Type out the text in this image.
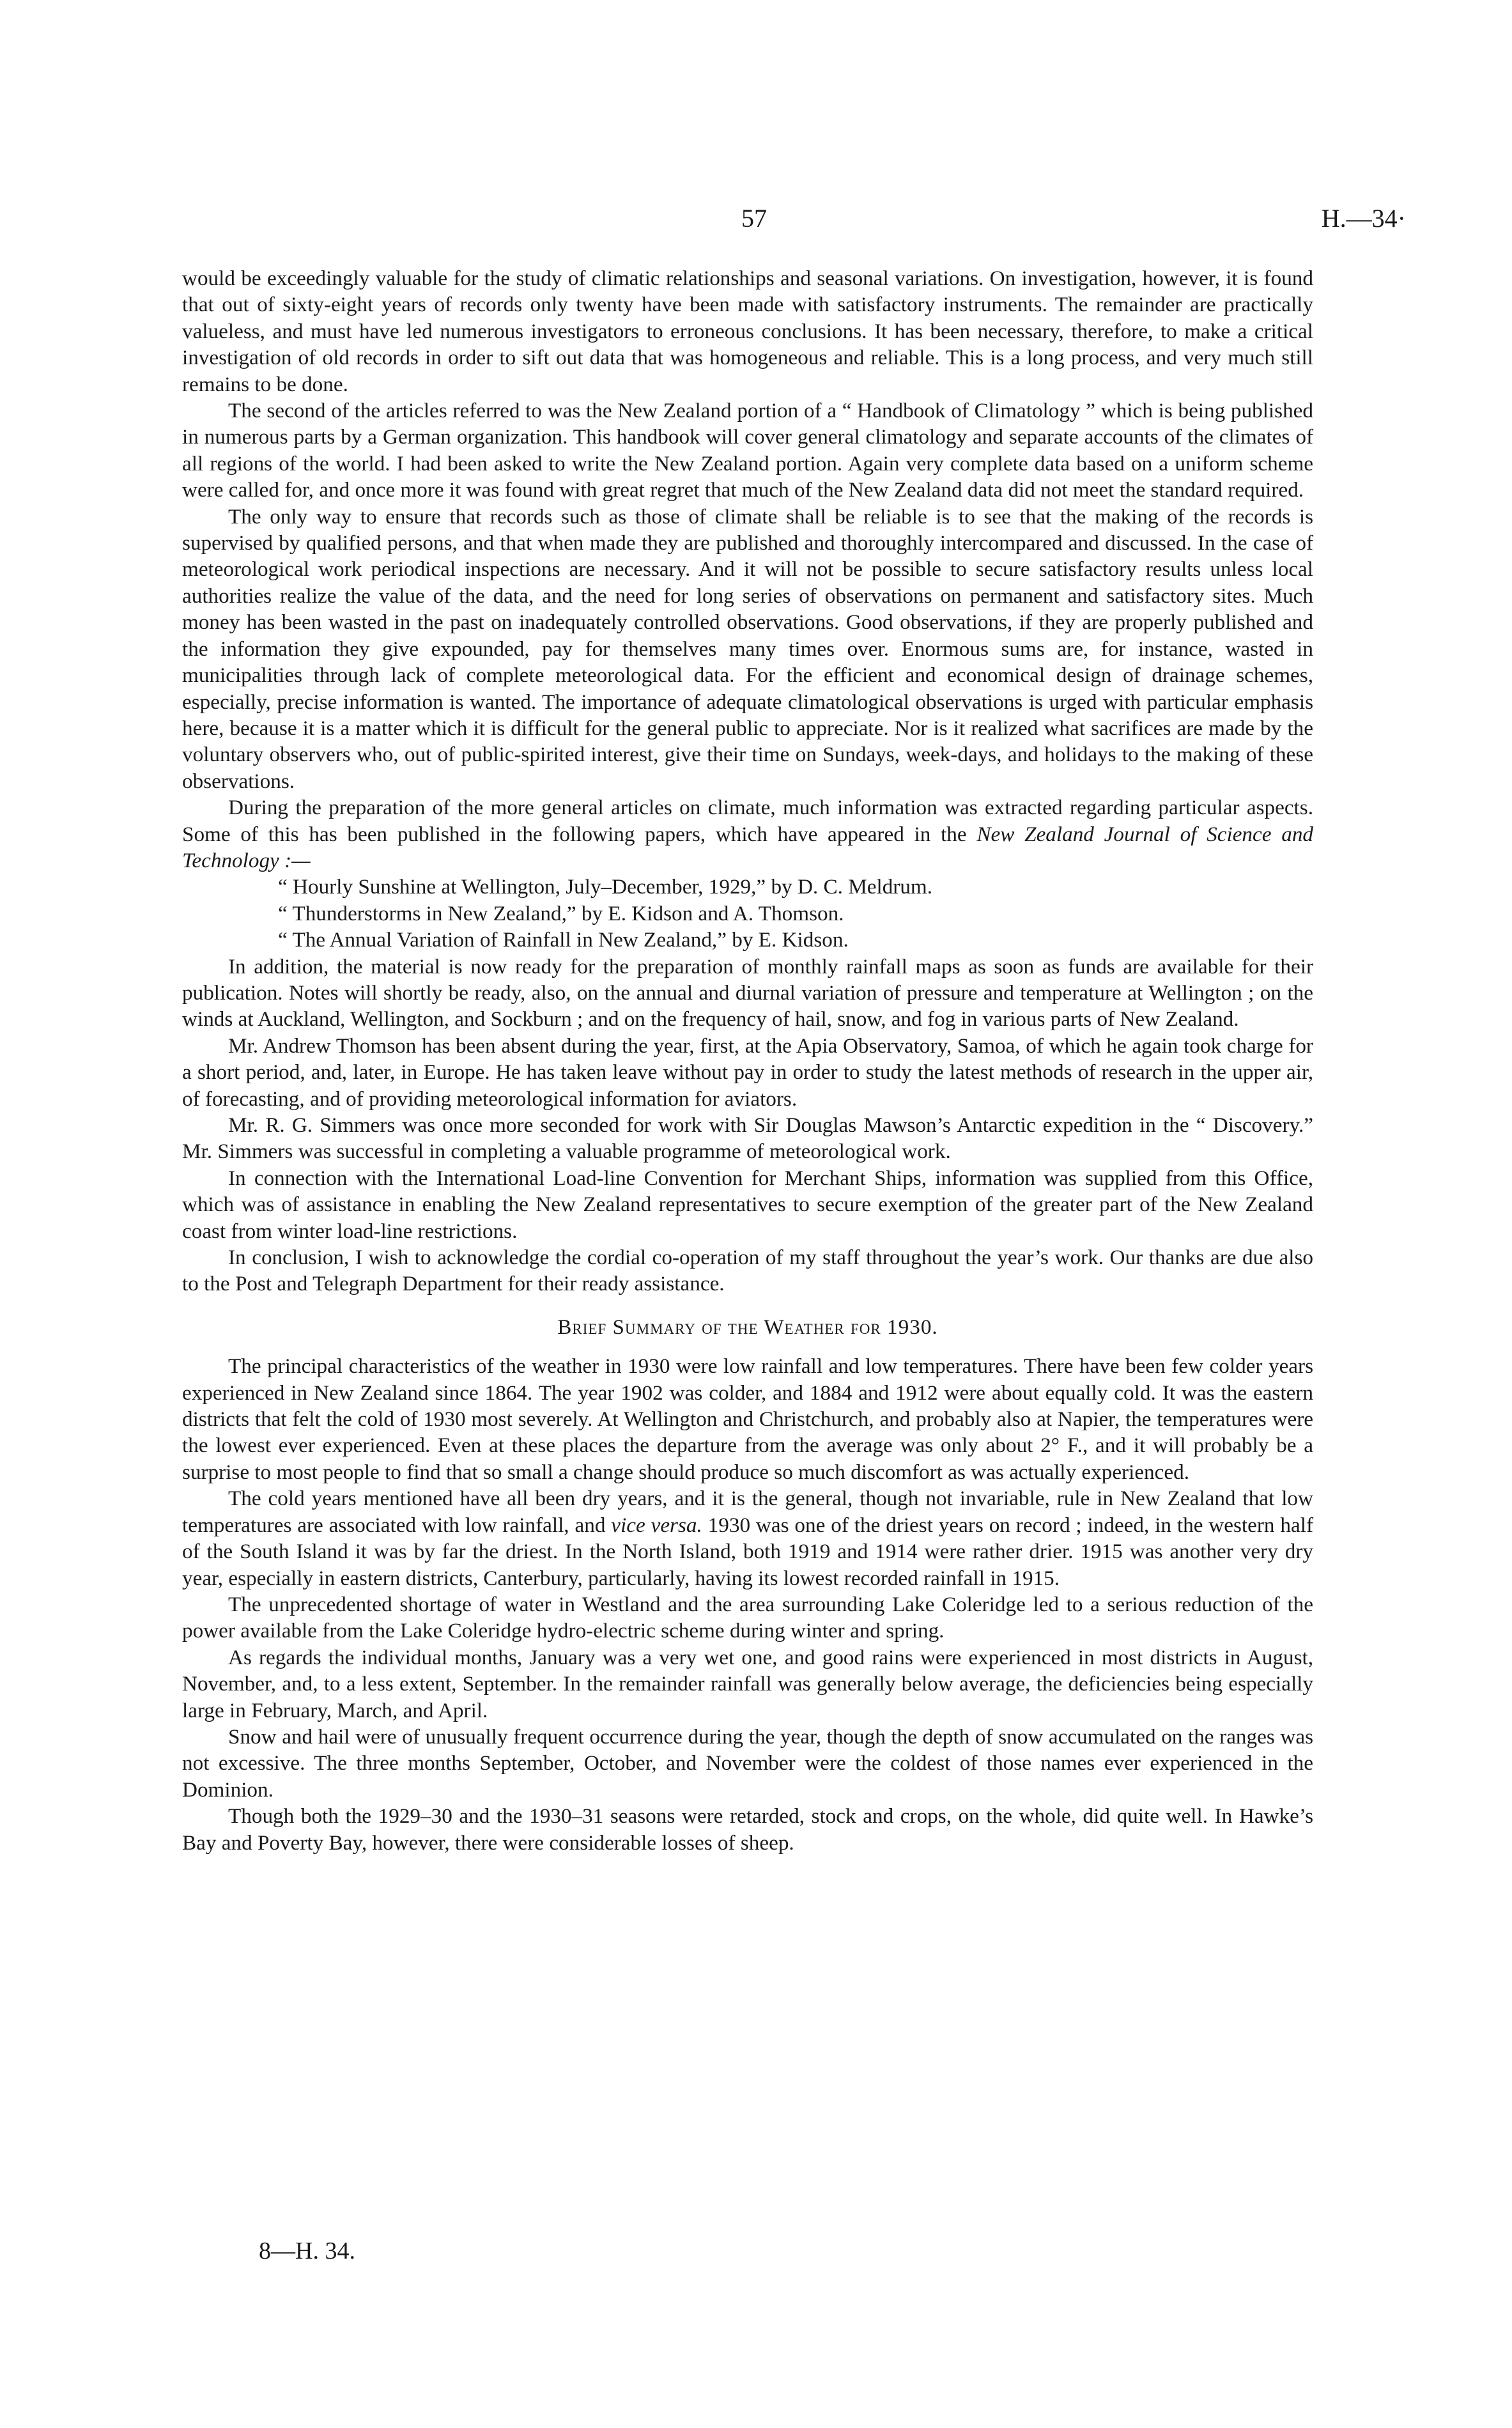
57	H.—34·

would be exceedingly valuable for the study of climatic relationships and seasonal variations. On investigation, however, it is found that out of sixty-eight years of records only twenty have been made with satisfactory instruments. The remainder are practically valueless, and must have led numerous investigators to erroneous conclusions. It has been necessary, therefore, to make a critical investigation of old records in order to sift out data that was homogeneous and reliable. This is a long process, and very much still remains to be done.

The second of the articles referred to was the New Zealand portion of a “ Handbook of Climatology ” which is being published in numerous parts by a German organization. This handbook will cover general climatology and separate accounts of the climates of all regions of the world. I had been asked to write the New Zealand portion. Again very complete data based on a uniform scheme were called for, and once more it was found with great regret that much of the New Zealand data did not meet the standard required.

The only way to ensure that records such as those of climate shall be reliable is to see that the making of the records is supervised by qualified persons, and that when made they are published and thoroughly intercompared and discussed. In the case of meteorological work periodical inspections are necessary. And it will not be possible to secure satisfactory results unless local authorities realize the value of the data, and the need for long series of observations on permanent and satisfactory sites. Much money has been wasted in the past on inadequately controlled observations. Good observations, if they are properly published and the information they give expounded, pay for themselves many times over. Enormous sums are, for instance, wasted in municipalities through lack of complete meteorological data. For the efficient and economical design of drainage schemes, especially, precise information is wanted. The importance of adequate climatological observations is urged with particular emphasis here, because it is a matter which it is difficult for the general public to appreciate. Nor is it realized what sacrifices are made by the voluntary observers who, out of public-spirited interest, give their time on Sundays, week-days, and holidays to the making of these observations.

During the preparation of the more general articles on climate, much information was extracted regarding particular aspects. Some of this has been published in the following papers, which have appeared in the New Zealand Journal of Science and Technology :—

“ Hourly Sunshine at Wellington, July–December, 1929,” by D. C. Meldrum.

“ Thunderstorms in New Zealand,” by E. Kidson and A. Thomson.

“ The Annual Variation of Rainfall in New Zealand,” by E. Kidson.

In addition, the material is now ready for the preparation of monthly rainfall maps as soon as funds are available for their publication. Notes will shortly be ready, also, on the annual and diurnal variation of pressure and temperature at Wellington ; on the winds at Auckland, Wellington, and Sockburn ; and on the frequency of hail, snow, and fog in various parts of New Zealand.

Mr. Andrew Thomson has been absent during the year, first, at the Apia Observatory, Samoa, of which he again took charge for a short period, and, later, in Europe. He has taken leave without pay in order to study the latest methods of research in the upper air, of forecasting, and of providing meteorological information for aviators.

Mr. R. G. Simmers was once more seconded for work with Sir Douglas Mawson’s Antarctic expedition in the “ Discovery.” Mr. Simmers was successful in completing a valuable programme of meteorological work.

In connection with the International Load-line Convention for Merchant Ships, information was supplied from this Office, which was of assistance in enabling the New Zealand representatives to secure exemption of the greater part of the New Zealand coast from winter load-line restrictions.

In conclusion, I wish to acknowledge the cordial co-operation of my staff throughout the year’s work. Our thanks are due also to the Post and Telegraph Department for their ready assistance.

Brief Summary of the Weather for 1930.

The principal characteristics of the weather in 1930 were low rainfall and low temperatures. There have been few colder years experienced in New Zealand since 1864. The year 1902 was colder, and 1884 and 1912 were about equally cold. It was the eastern districts that felt the cold of 1930 most severely. At Wellington and Christchurch, and probably also at Napier, the temperatures were the lowest ever experienced. Even at these places the departure from the average was only about 2° F., and it will probably be a surprise to most people to find that so small a change should produce so much discomfort as was actually experienced.

The cold years mentioned have all been dry years, and it is the general, though not invariable, rule in New Zealand that low temperatures are associated with low rainfall, and vice versa. 1930 was one of the driest years on record ; indeed, in the western half of the South Island it was by far the driest. In the North Island, both 1919 and 1914 were rather drier. 1915 was another very dry year, especially in eastern districts, Canterbury, particularly, having its lowest recorded rainfall in 1915.

The unprecedented shortage of water in Westland and the area surrounding Lake Coleridge led to a serious reduction of the power available from the Lake Coleridge hydro-electric scheme during winter and spring.

As regards the individual months, January was a very wet one, and good rains were experienced in most districts in August, November, and, to a less extent, September. In the remainder rainfall was generally below average, the deficiencies being especially large in February, March, and April.

Snow and hail were of unusually frequent occurrence during the year, though the depth of snow accumulated on the ranges was not excessive. The three months September, October, and November were the coldest of those names ever experienced in the Dominion.

Though both the 1929–30 and the 1930–31 seasons were retarded, stock and crops, on the whole, did quite well. In Hawke’s Bay and Poverty Bay, however, there were considerable losses of sheep.

8—H. 34.
